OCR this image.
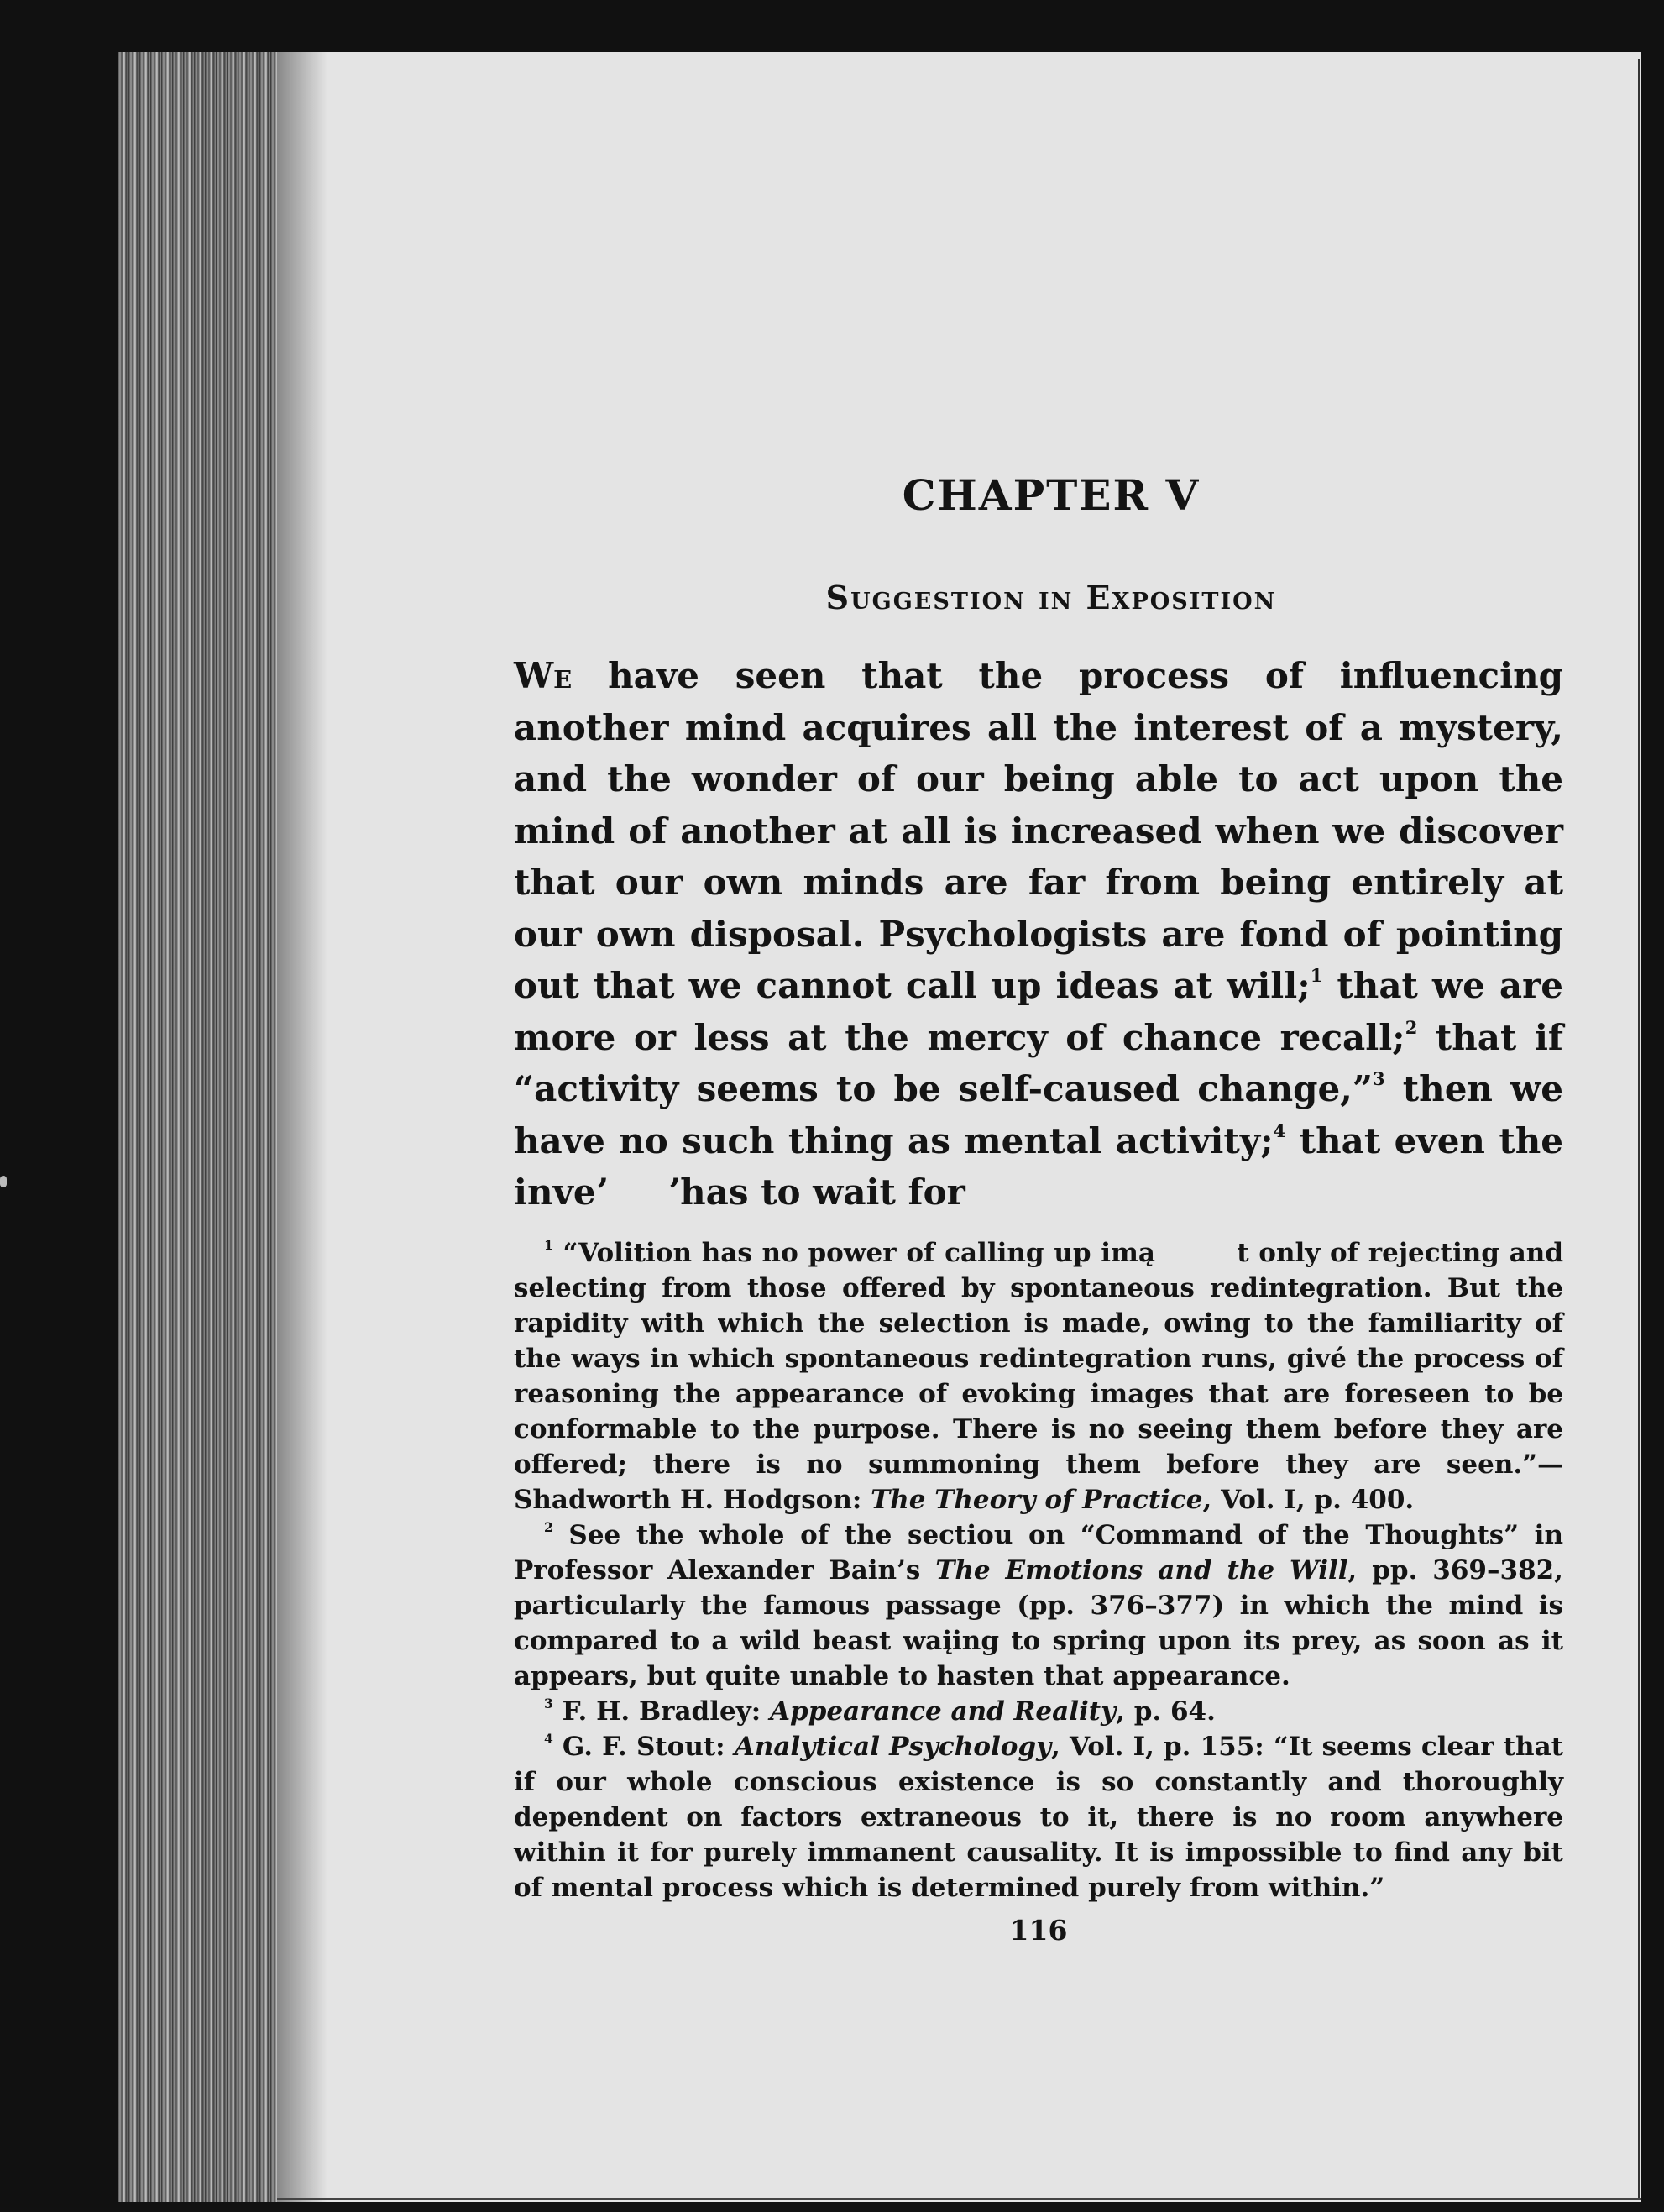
CHAPTER V
Suggestion in Exposition

We have seen that the process of influencing another mind acquires all the interest of a mystery, and the wonder of our being able to act upon the mind of another at all is increased when we discover that our own minds are far from being entirely at our own disposal. Psychologists are fond of pointing out that we cannot call up ideas at will;$^1$ that we are more or less at the mercy of chance recall;$^2$ that if “activity seems to be self-caused change,”$^3$ then we have no such thing as mental activity;$^4$ that even the inveʼ   ʼhas to wait for

$^1$ “Volition has no power of calling up imą     t only of rejecting and selecting from those offered by spontaneous redintegration. But the rapidity with which the selection is made, owing to the familiarity of the ways in which spontaneous redintegration runs, givé the process of reasoning the appearance of evoking images that are foreseen to be conformable to the purpose. There is no seeing them before they are offered; there is no summoning them before they are seen.”— Shadworth H. Hodgson: The Theory of Practice, Vol. I, p. 400.

$^2$ See the whole of the sectiou on “Command of the Thoughts” in Professor Alexander Bain’s The Emotions and the Will, pp. 369–382, particularly the famous passage (pp. 376–377) in which the mind is compared to a wild beast waįing to spring upon its prey, as soon as it appears, but quite unable to hasten that appearance.

$^3$ F. H. Bradley: Appearance and Reality, p. 64.

$^4$ G. F. Stout: Analytical Psychology, Vol. I, p. 155: “It seems clear that if our whole conscious existence is so constantly and thoroughly dependent on factors extraneous to it, there is no room anywhere within it for purely immanent causality. It is impossible to find any bit of mental process which is determined purely from within.”

116
